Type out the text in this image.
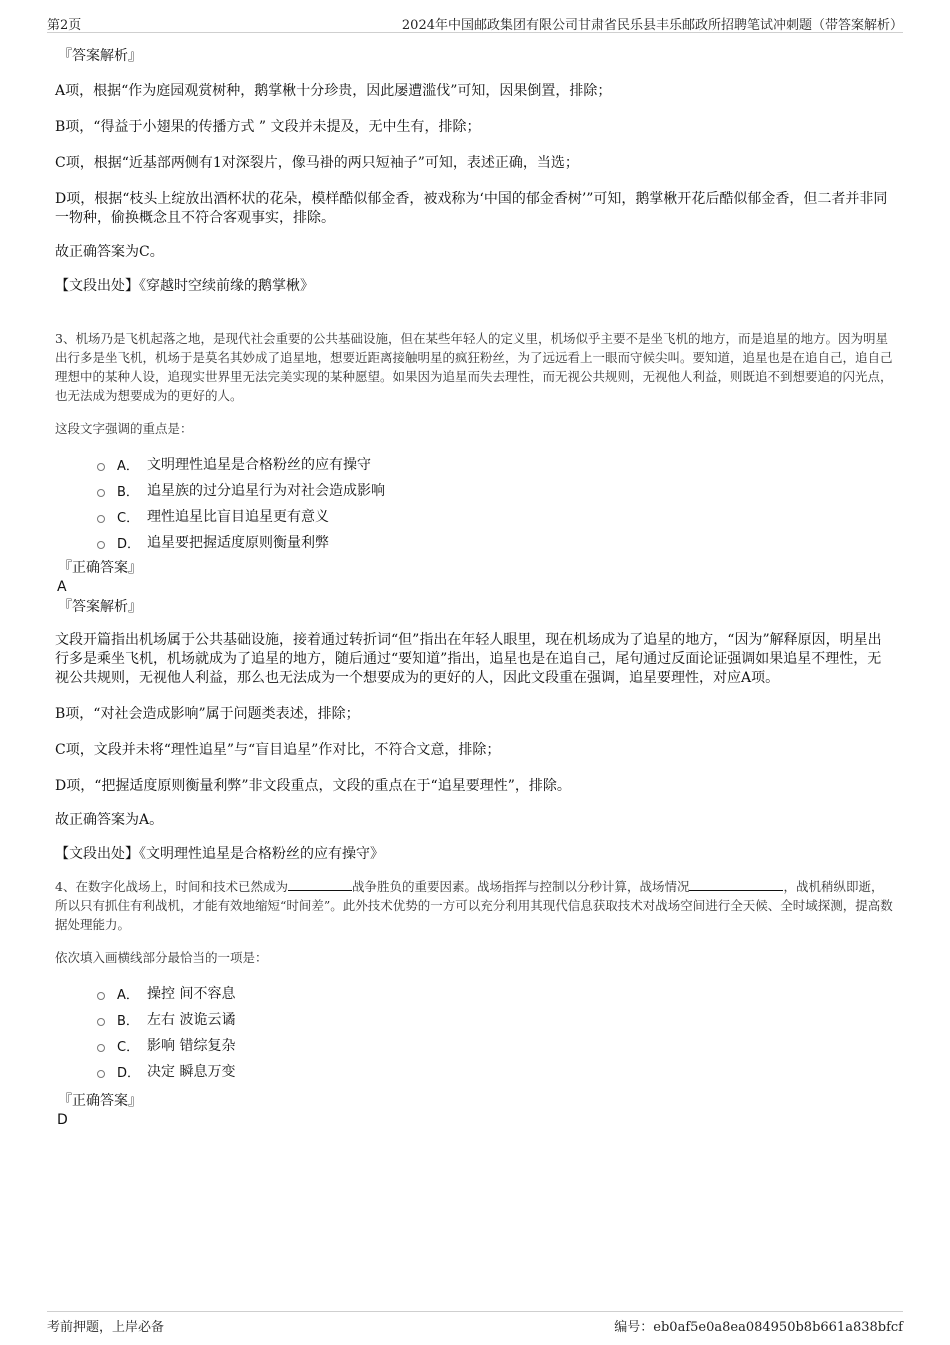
第2页	2024年中国邮政集团有限公司甘肃省民乐县丰乐邮政所招聘笔试冲刺题（带答案解析）

『答案解析』

A项，根据“作为庭园观赏树种，鹅掌楸十分珍贵，因此屡遭滥伐”可知，因果倒置，排除；

B项，“得益于小翅果的传播方式 ” 文段并未提及，无中生有，排除；

C项，根据“近基部两侧有1对深裂片，像马褂的两只短袖子”可知，表述正确，当选；

D项，根据“枝头上绽放出酒杯状的花朵，模样酷似郁金香，被戏称为‘中国的郁金香树’”可知，鹅掌楸开花后酷似郁金香，但二者并非同一物种，偷换概念且不符合客观事实，排除。

故正确答案为C。

【文段出处】《穿越时空续前缘的鹅掌楸》

3、机场乃是飞机起落之地，是现代社会重要的公共基础设施，但在某些年轻人的定义里，机场似乎主要不是坐飞机的地方，而是追星的地方。因为明星出行多是坐飞机，机场于是莫名其妙成了追星地，想要近距离接触明星的疯狂粉丝，为了远远看上一眼而守候尖叫。要知道，追星也是在追自己，追自己理想中的某种人设，追现实世界里无法完美实现的某种愿望。如果因为追星而失去理性，而无视公共规则，无视他人利益，则既追不到想要追的闪光点，也无法成为想要成为的更好的人。

这段文字强调的重点是：

A． 文明理性追星是合格粉丝的应有操守
B． 追星族的过分追星行为对社会造成影响
C． 理性追星比盲目追星更有意义
D． 追星要把握适度原则衡量利弊

『正确答案』

A

『答案解析』

文段开篇指出机场属于公共基础设施，接着通过转折词“但”指出在年轻人眼里，现在机场成为了追星的地方，“因为”解释原因，明星出行多是乘坐飞机，机场就成为了追星的地方，随后通过“要知道”指出，追星也是在追自己，尾句通过反面论证强调如果追星不理性，无视公共规则，无视他人利益，那么也无法成为一个想要成为的更好的人，因此文段重在强调，追星要理性，对应A项。

B项，“对社会造成影响”属于问题类表述，排除；

C项，文段并未将“理性追星”与“盲目追星”作对比，不符合文意，排除；

D项，“把握适度原则衡量利弊”非文段重点，文段的重点在于“追星要理性”，排除。

故正确答案为A。

【文段出处】《文明理性追星是合格粉丝的应有操守》

4、在数字化战场上，时间和技术已然成为	战争胜负的重要因素。战场指挥与控制以分秒计算，战场情况	，战机稍纵即逝，所以只有抓住有利战机，才能有效地缩短“时间差”。此外技术优势的一方可以充分利用其现代信息获取技术对战场空间进行全天候、全时域探测，提高数据处理能力。

依次填入画横线部分最恰当的一项是：

A． 操控 间不容息
B． 左右 波诡云谲
C． 影响 错综复杂
D． 决定 瞬息万变

『正确答案』

D

考前押题，上岸必备	编号：eb0af5e0a8ea084950b8b661a838bfcf
